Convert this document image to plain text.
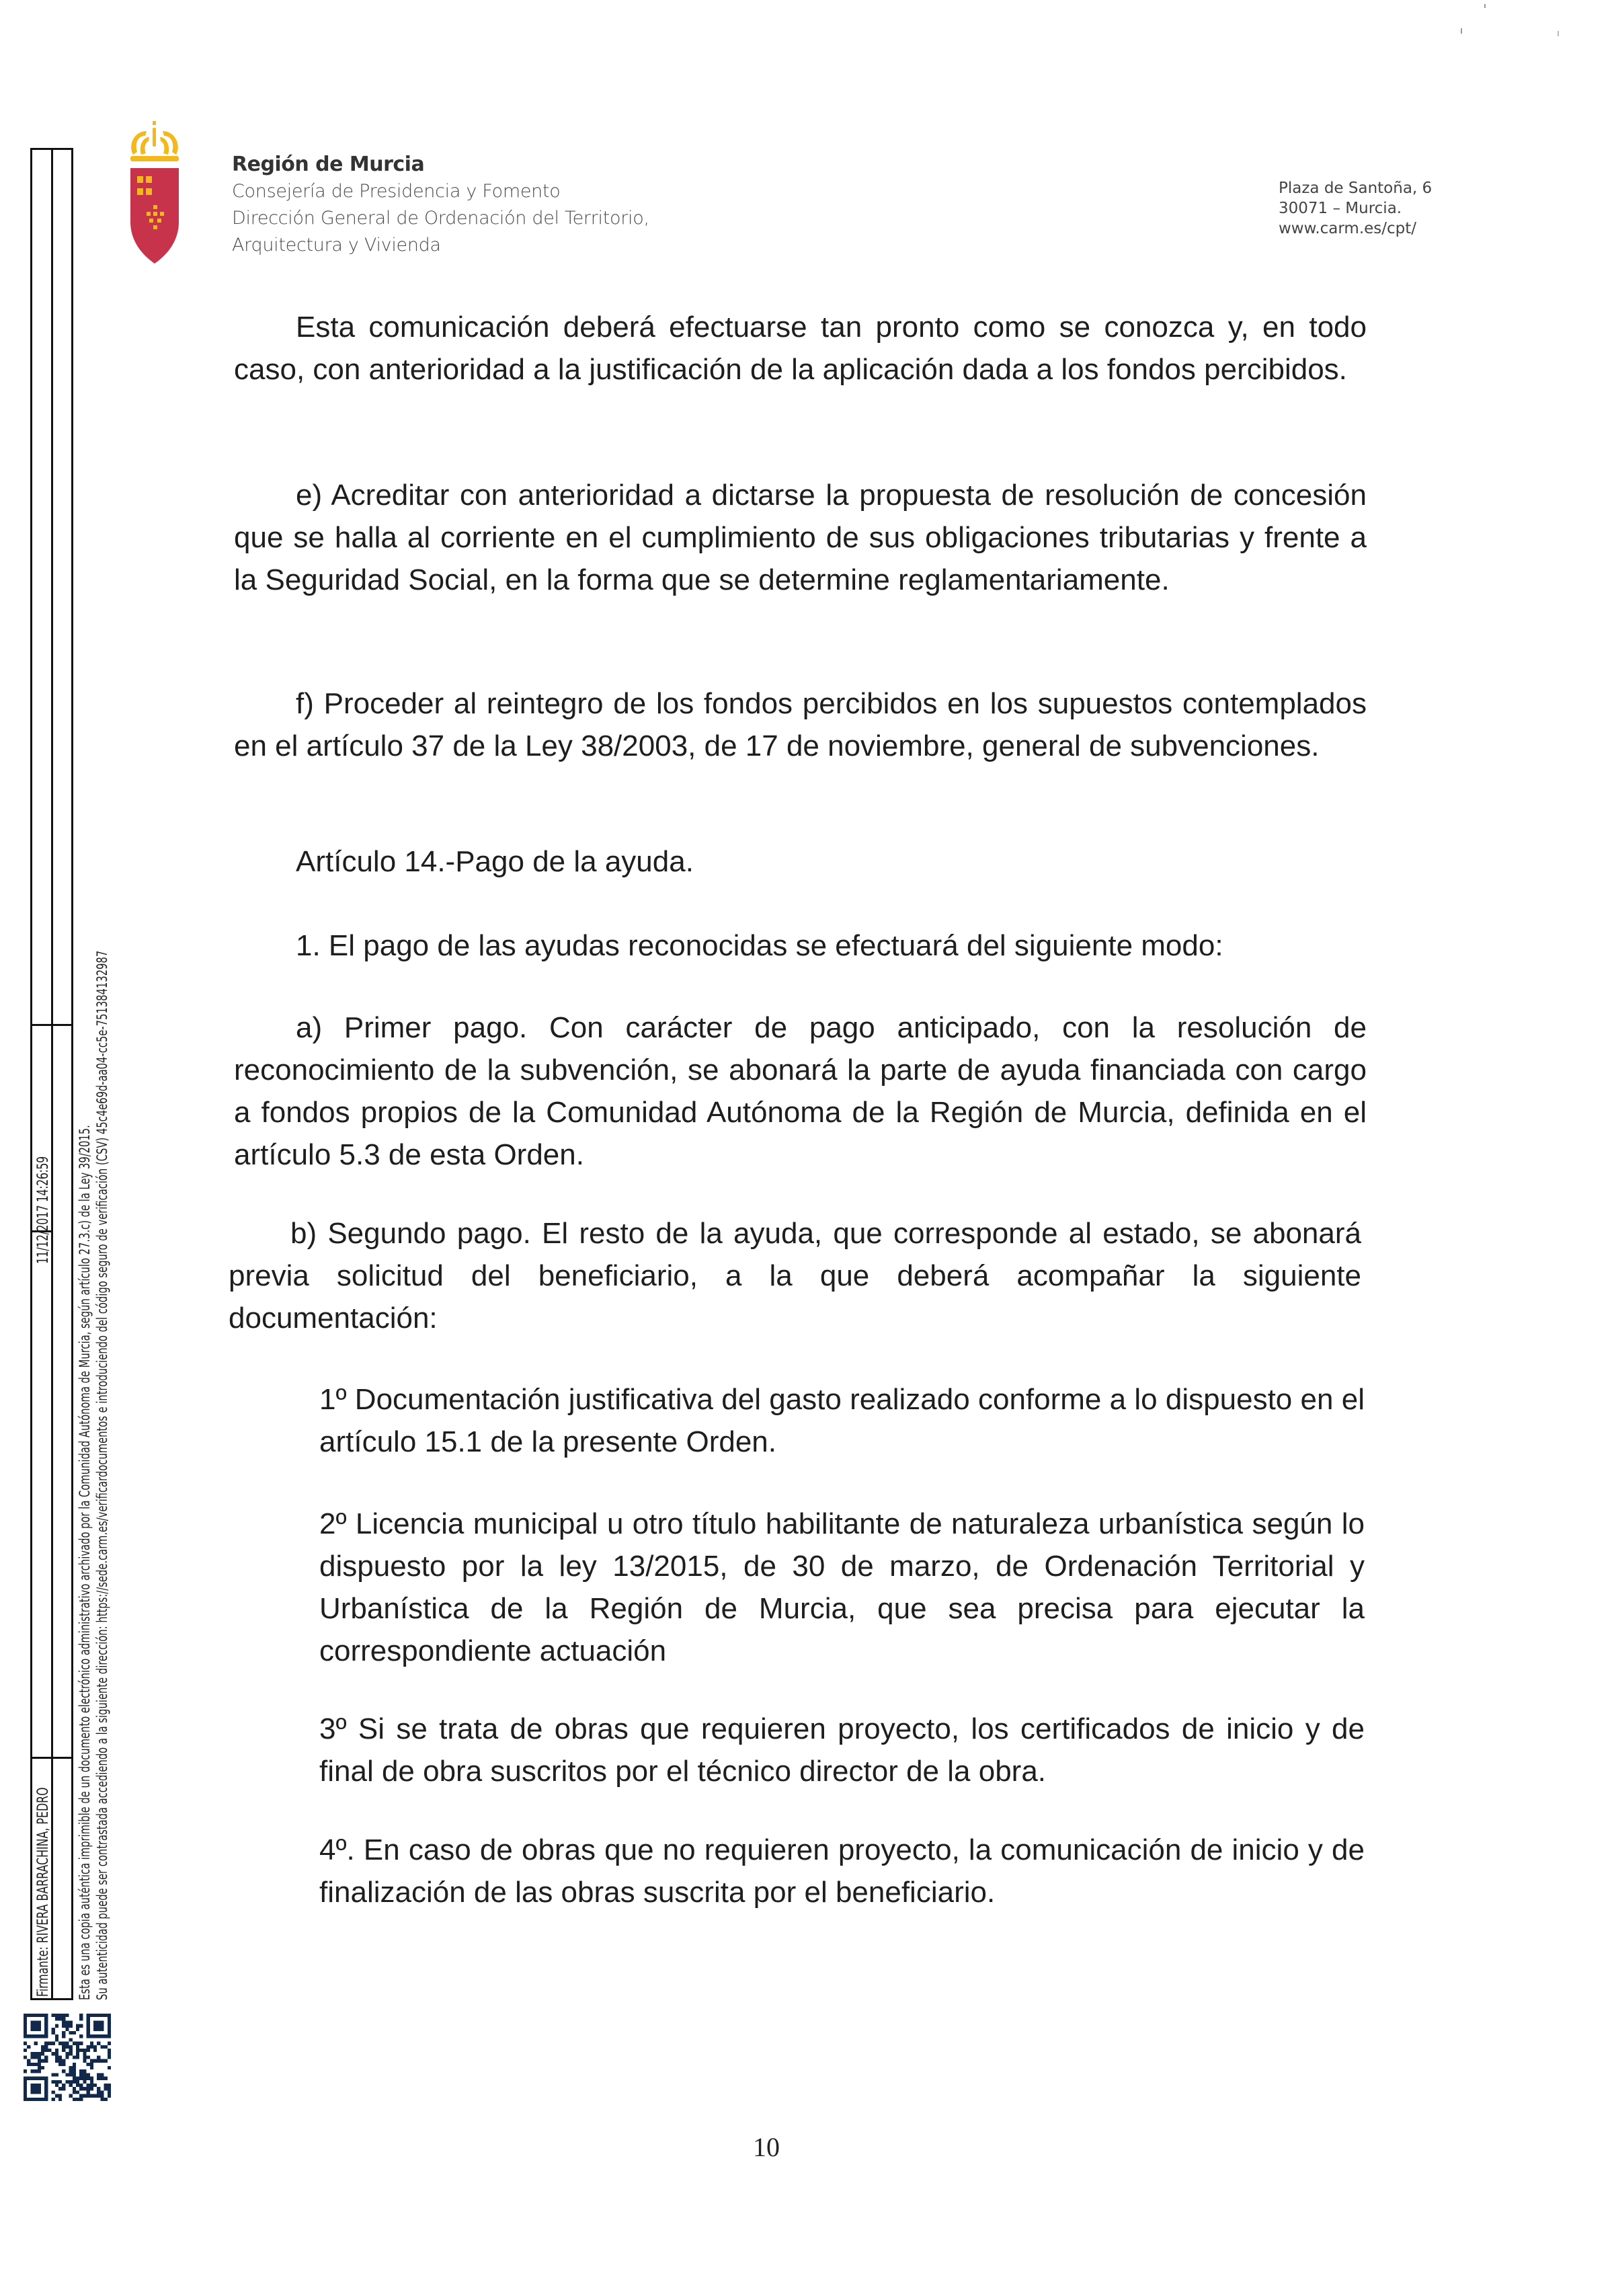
Región de Murcia
Consejería de Presidencia y Fomento
Dirección General de Ordenación del Territorio,
Arquitectura y Vivienda
Plaza de Santoña, 6
30071 – Murcia.
www.carm.es/cpt/

Esta comunicación deberá efectuarse tan pronto como se conozca y, en todo caso, con anterioridad a la justificación de la aplicación dada a los fondos percibidos.

e) Acreditar con anterioridad a dictarse la propuesta de resolución de concesión que se halla al corriente en el cumplimiento de sus obligaciones tributarias y frente a la Seguridad Social, en la forma que se determine reglamentariamente.

f) Proceder al reintegro de los fondos percibidos en los supuestos contemplados en el artículo 37 de la Ley 38/2003, de 17 de noviembre, general de subvenciones.

Artículo 14.-Pago de la ayuda.

1. El pago de las ayudas reconocidas se efectuará del siguiente modo:

a) Primer pago. Con carácter de pago anticipado, con la resolución de reconocimiento de la subvención, se abonará la parte de ayuda financiada con cargo a fondos propios de la Comunidad Autónoma de la Región de Murcia, definida en el artículo 5.3 de esta Orden.

b) Segundo pago. El resto de la ayuda, que corresponde al estado, se abonará previa solicitud del beneficiario, a la que deberá acompañar la siguiente documentación:

1º Documentación justificativa del gasto realizado conforme a lo dispuesto en el artículo 15.1 de la presente Orden.

2º Licencia municipal u otro título habilitante de naturaleza urbanística según lo dispuesto por la ley 13/2015, de 30 de marzo, de Ordenación Territorial y Urbanística de la Región de Murcia, que sea precisa para ejecutar la correspondiente actuación

3º Si se trata de obras que requieren proyecto, los certificados de inicio y de final de obra suscritos por el técnico director de la obra.

4º. En caso de obras que no requieren proyecto, la comunicación de inicio y de finalización de las obras suscrita por el beneficiario.

11/12/2017 14:26:59
Firmante: RIVERA BARRACHINA, PEDRO Esta es una copia auténtica imprimible de un documento electrónico administrativo archivado por la Comunidad Autónoma de Murcia, según artículo 27.3.c) de la Ley 39/2015. Su autenticidad puede ser contrastada accediendo a la siguiente dirección: https://sede.carm.es/verificardocumentos e introduciendo del código seguro de verificación (CSV) 45c4e69d-aa04-cc5e-751384132987
10
